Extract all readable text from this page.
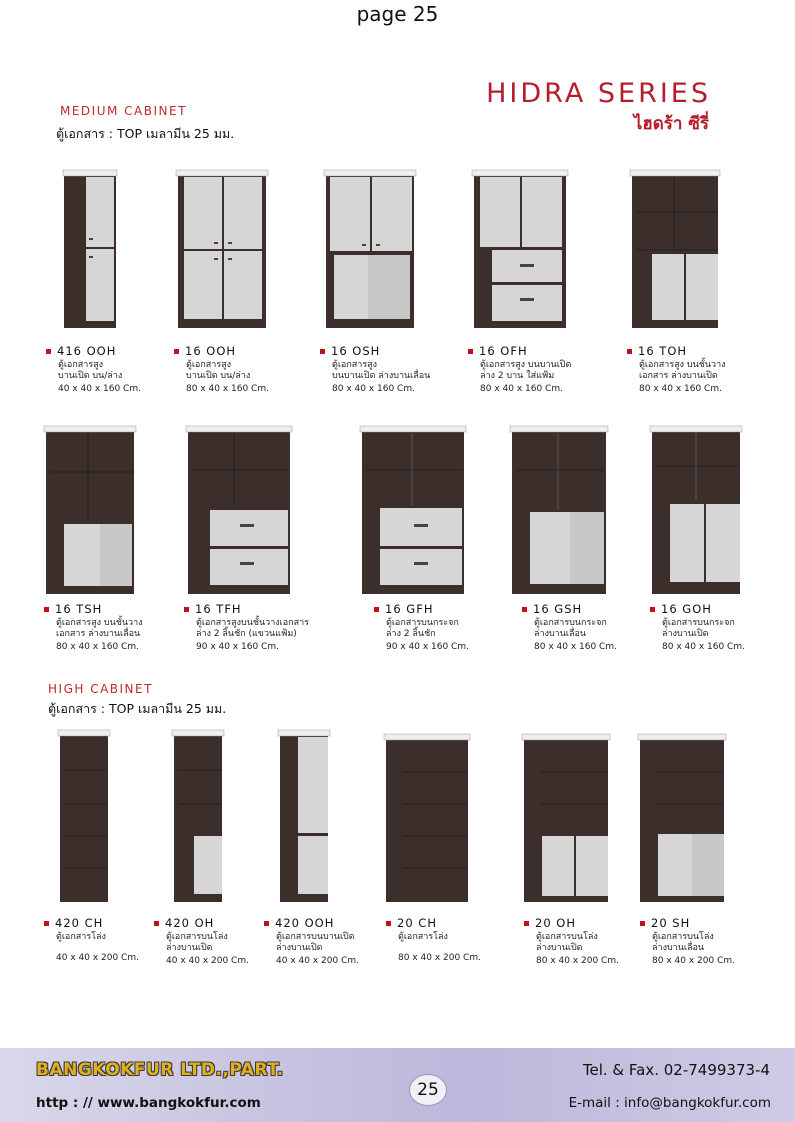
page 25
HIDRA SERIES
ไฮดร้า ซีรี่
MEDIUM CABINET
ตู้เอกสาร : TOP เมลามีน 25 มม.
HIGH CABINET
ตู้เอกสาร : TOP เมลามีน 25 มม.
416 OOH
ตู้เอกสารสูง
บานเปิด บน/ล่าง
40 x 40 x 160 Cm.
16 OOH
ตู้เอกสารสูง
บานเปิด บน/ล่าง
80 x 40 x 160 Cm.
16 OSH
ตู้เอกสารสูง
บนบานเปิด ล่างบานเลื่อน
80 x 40 x 160 Cm.
16 OFH
ตู้เอกสารสูง บนบานเปิด
ล่าง 2 บาน ใส่แฟ้ม
80 x 40 x 160 Cm.
16 TOH
ตู้เอกสารสูง บนชั้นวาง
เอกสาร ล่างบานเปิด
80 x 40 x 160 Cm.
16 TSH
ตู้เอกสารสูง บนชั้นวาง
เอกสาร ล่างบานเลื่อน
80 x 40 x 160 Cm.
16 TFH
ตู้เอกสารสูงบนชั้นวางเอกสาร
ล่าง 2 ลิ้นชัก (แขวนแฟ้ม)
90 x 40 x 160 Cm.
16 GFH
ตู้เอกสารบนกระจก
ล่าง 2 ลิ้นชัก
90 x 40 x 160 Cm.
16 GSH
ตู้เอกสารบนกระจก
ล่างบานเลื่อน
80 x 40 x 160 Cm.
16 GOH
ตู้เอกสารบนกระจก
ล่างบานเปิด
80 x 40 x 160 Cm.
420 CH
ตู้เอกสารโล่ง
40 x 40 x 200 Cm.
420 OH
ตู้เอกสารบนโล่ง
ล่างบานเปิด
40 x 40 x 200 Cm.
420 OOH
ตู้เอกสารบนบานเปิด
ล่างบานเปิด
40 x 40 x 200 Cm.
20 CH
ตู้เอกสารโล่ง
80 x 40 x 200 Cm.
20 OH
ตู้เอกสารบนโล่ง
ล่างบานเปิด
80 x 40 x 200 Cm.
20 SH
ตู้เอกสารบนโล่ง
ล่างบานเลื่อน
80 x 40 x 200 Cm.
BANGKOKFUR LTD.,PART.
http : // www.bangkokfur.com
Tel. & Fax. 02-7499373-4
E-mail : info@bangkokfur.com
25
